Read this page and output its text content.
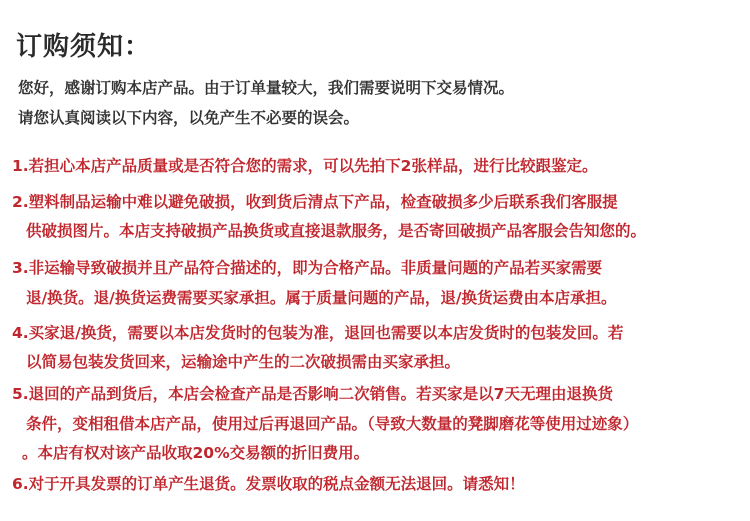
订购须知：
您好，感谢订购本店产品。由于订单量较大，我们需要说明下交易情况。
请您认真阅读以下内容，以免产生不必要的误会。
1.若担心本店产品质量或是否符合您的需求，可以先拍下2张样品，进行比较跟鉴定。
2.塑料制品运输中难以避免破损，收到货后清点下产品，检查破损多少后联系我们客服提
供破损图片。本店支持破损产品换货或直接退款服务，是否寄回破损产品客服会告知您的。
3.非运输导致破损并且产品符合描述的，即为合格产品。非质量问题的产品若买家需要
退/换货。退/换货运费需要买家承担。属于质量问题的产品，退/换货运费由本店承担。
4.买家退/换货，需要以本店发货时的包装为准，退回也需要以本店发货时的包装发回。若
以简易包装发货回来，运输途中产生的二次破损需由买家承担。
5.退回的产品到货后，本店会检查产品是否影响二次销售。若买家是以7天无理由退换货
条件，变相租借本店产品，使用过后再退回产品。（导致大数量的凳脚磨花等使用过迹象）
。本店有权对该产品收取20%交易额的折旧费用。
6.对于开具发票的订单产生退货。发票收取的税点金额无法退回。请悉知！
